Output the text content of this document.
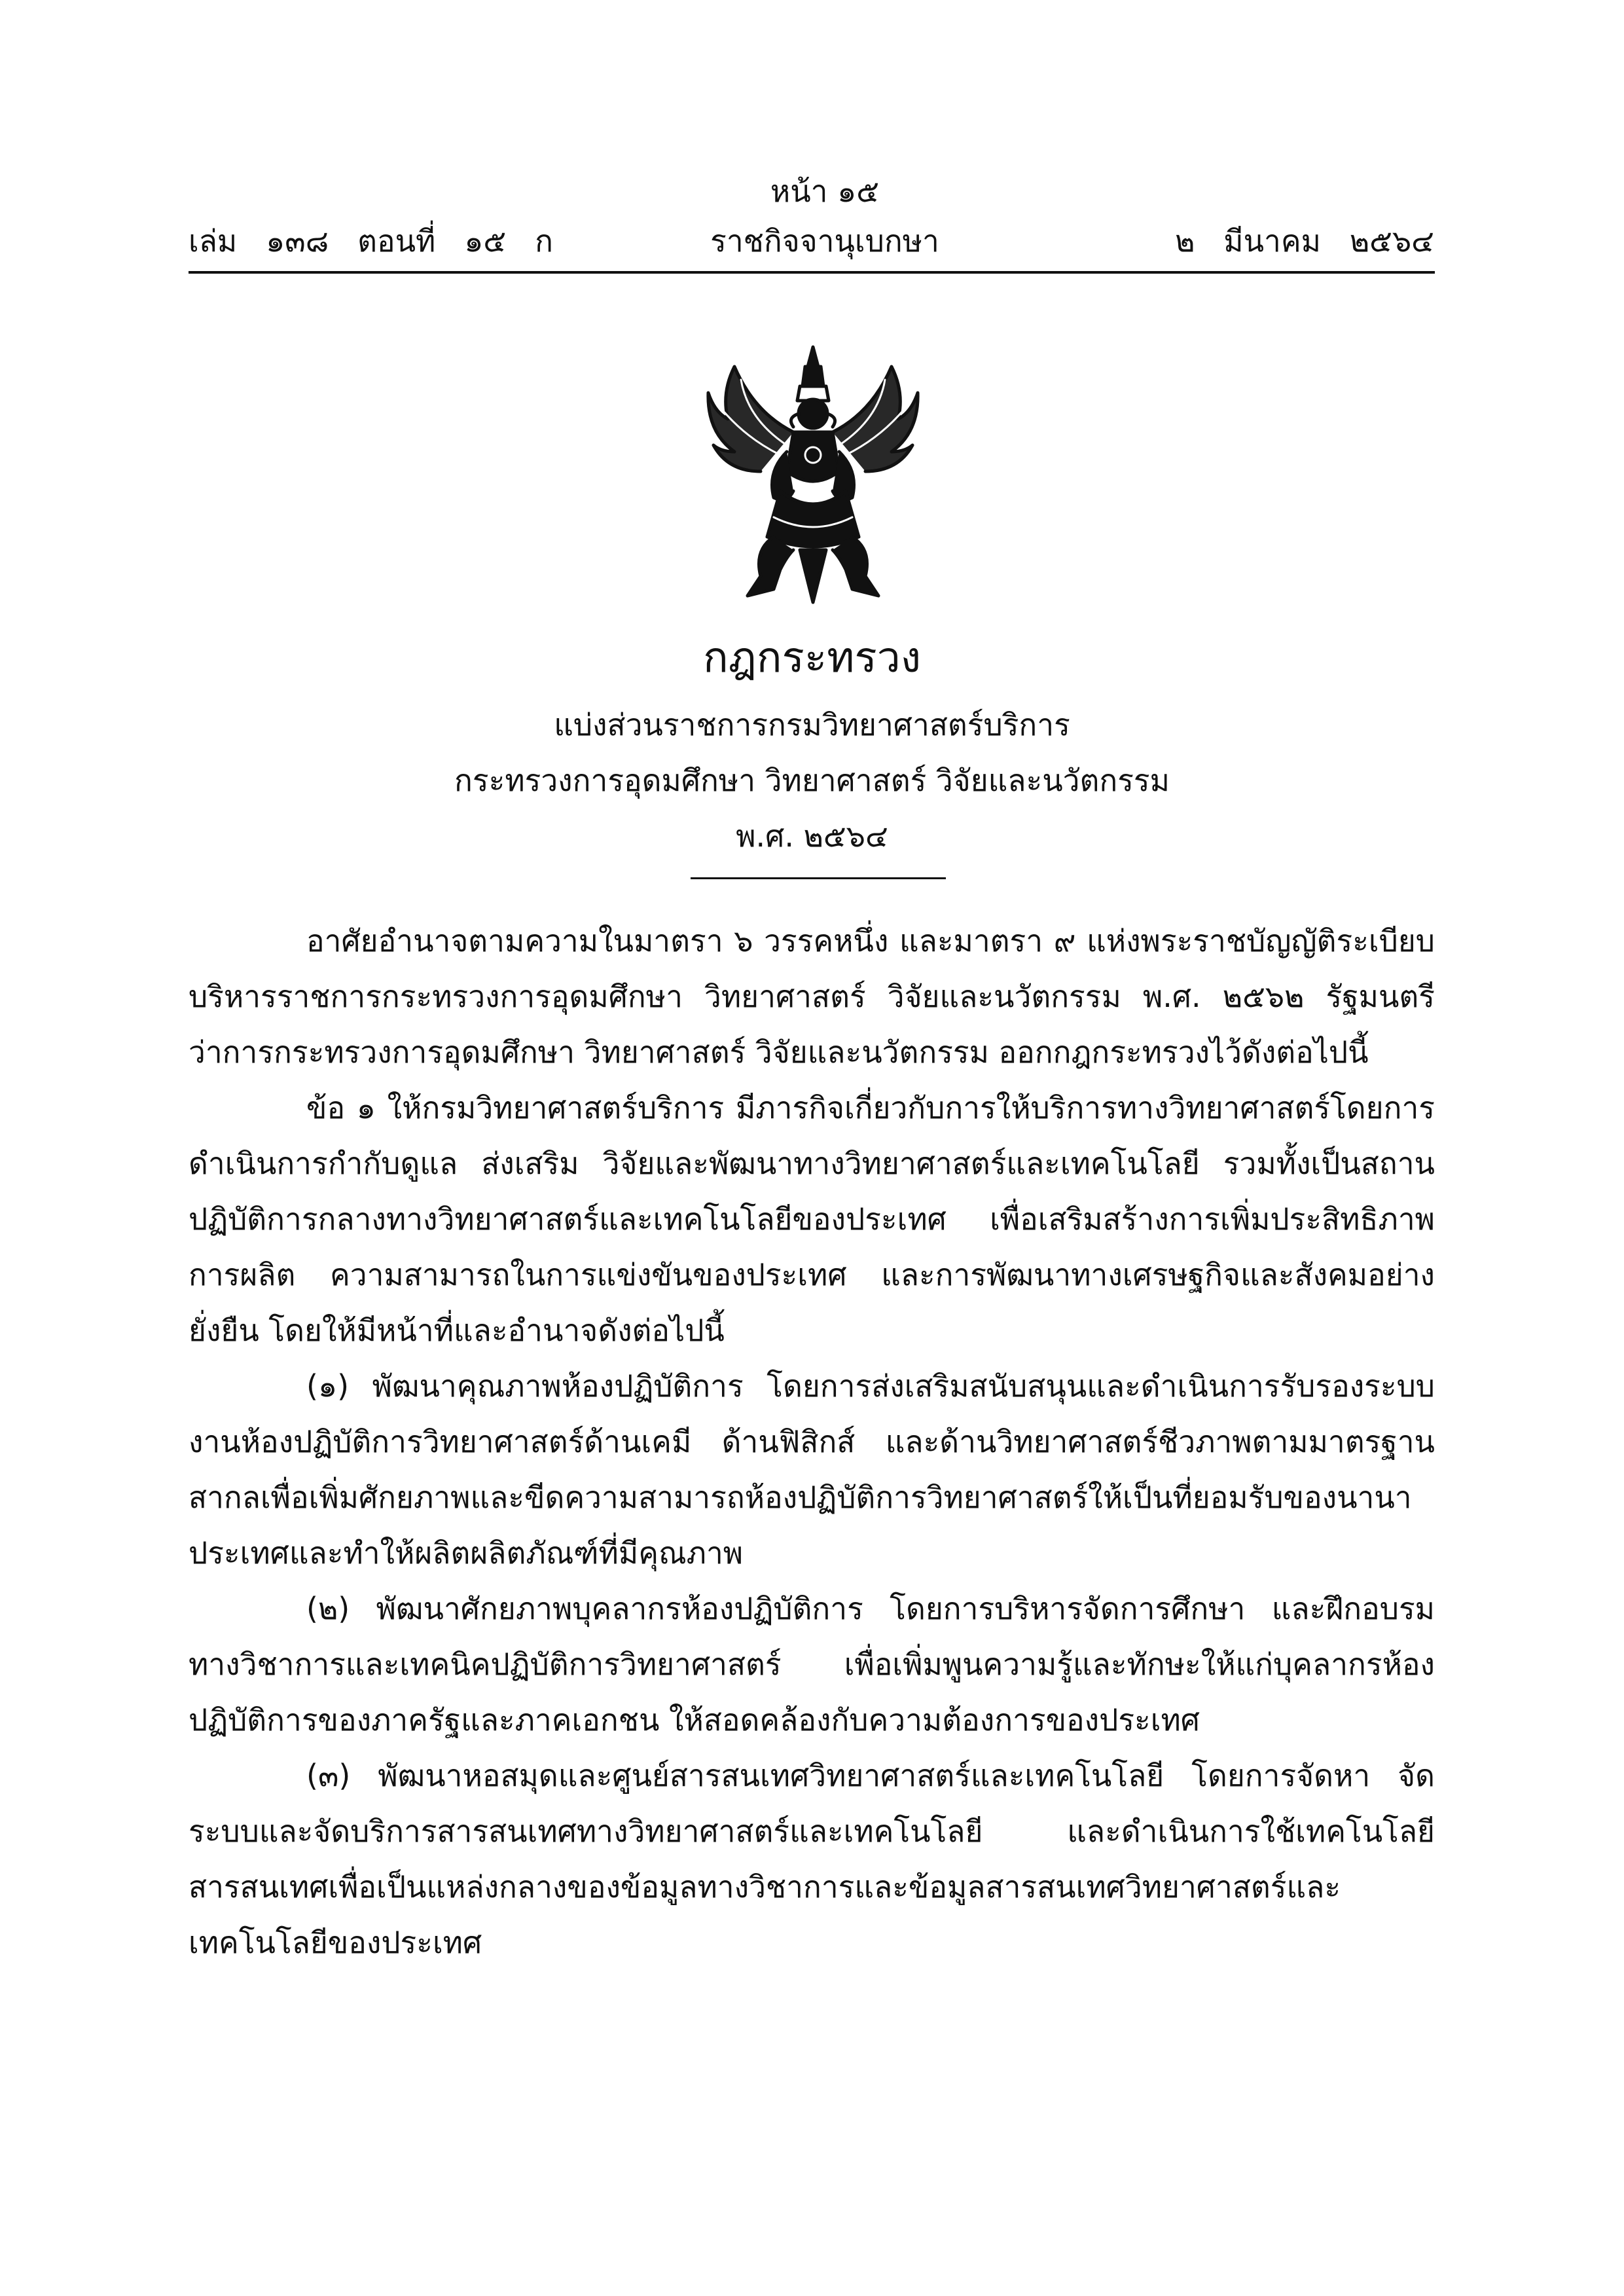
หน้า ๑๕
เล่ม   ๑๓๘   ตอนที่   ๑๕   ก	ราชกิจจานุเบกษา	๒   มีนาคม   ๒๕๖๔
กฎกระทรวง
แบ่งส่วนราชการกรมวิทยาศาสตร์บริการ
กระทรวงการอุดมศึกษา วิทยาศาสตร์ วิจัยและนวัตกรรม
พ.ศ. ๒๕๖๔

อาศัยอำนาจตามความในมาตรา ๖ วรรคหนึ่ง และมาตรา ๙ แห่งพระราชบัญญัติระเบียบบริหารราชการกระทรวงการอุดมศึกษา วิทยาศาสตร์ วิจัยและนวัตกรรม พ.ศ. ๒๕๖๒ รัฐมนตรีว่าการกระทรวงการอุดมศึกษา วิทยาศาสตร์ วิจัยและนวัตกรรม ออกกฎกระทรวงไว้ดังต่อไปนี้

ข้อ ๑ ให้กรมวิทยาศาสตร์บริการ มีภารกิจเกี่ยวกับการให้บริการทางวิทยาศาสตร์โดยการดำเนินการกำกับดูแล ส่งเสริม วิจัยและพัฒนาทางวิทยาศาสตร์และเทคโนโลยี รวมทั้งเป็นสถานปฏิบัติการกลางทางวิทยาศาสตร์และเทคโนโลยีของประเทศ เพื่อเสริมสร้างการเพิ่มประสิทธิภาพการผลิต ความสามารถในการแข่งขันของประเทศ และการพัฒนาทางเศรษฐกิจและสังคมอย่างยั่งยืน โดยให้มีหน้าที่และอำนาจดังต่อไปนี้

(๑) พัฒนาคุณภาพห้องปฏิบัติการ โดยการส่งเสริมสนับสนุนและดำเนินการรับรองระบบงานห้องปฏิบัติการวิทยาศาสตร์ด้านเคมี ด้านฟิสิกส์ และด้านวิทยาศาสตร์ชีวภาพตามมาตรฐานสากลเพื่อเพิ่มศักยภาพและขีดความสามารถห้องปฏิบัติการวิทยาศาสตร์ให้เป็นที่ยอมรับของนานาประเทศและทำให้ผลิตผลิตภัณฑ์ที่มีคุณภาพ

(๒) พัฒนาศักยภาพบุคลากรห้องปฏิบัติการ โดยการบริหารจัดการศึกษา และฝึกอบรมทางวิชาการและเทคนิคปฏิบัติการวิทยาศาสตร์ เพื่อเพิ่มพูนความรู้และทักษะให้แก่บุคลากรห้องปฏิบัติการของภาครัฐและภาคเอกชน ให้สอดคล้องกับความต้องการของประเทศ

(๓) พัฒนาหอสมุดและศูนย์สารสนเทศวิทยาศาสตร์และเทคโนโลยี โดยการจัดหา จัดระบบและจัดบริการสารสนเทศทางวิทยาศาสตร์และเทคโนโลยี และดำเนินการใช้เทคโนโลยีสารสนเทศเพื่อเป็นแหล่งกลางของข้อมูลทางวิชาการและข้อมูลสารสนเทศวิทยาศาสตร์และเทคโนโลยีของประเทศ
